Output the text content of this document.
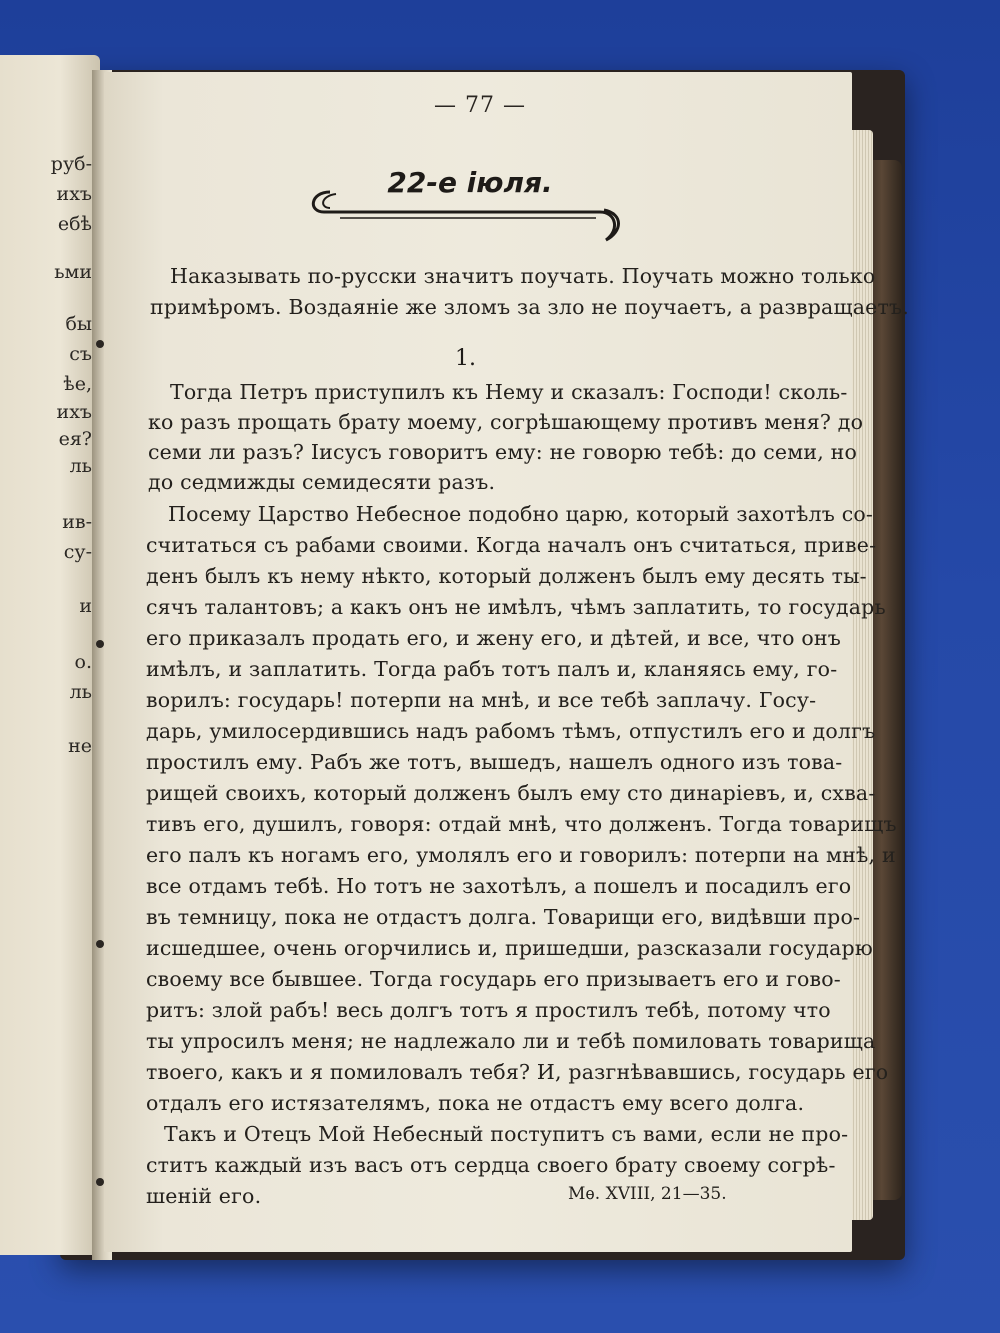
руб-
ихъ
ебѣ
ьми
бы
съ
ѣе,
ихъ
ея?
ль
ив-
су-
и
о.
ль
не
— 77 —
22-е іюля.
Наказывать по-русски значитъ поучать. Поучать можно только
примѣромъ. Воздаяніе же зломъ за зло не поучаетъ, а развращаетъ.
1.
Тогда Петръ приступилъ къ Нему и сказалъ: Господи! сколь-
ко разъ прощать брату моему, согрѣшающему противъ меня? до
семи ли разъ? Іисусъ говоритъ ему: не говорю тебѣ: до семи, но
до седмижды семидесяти разъ.
Посему Царство Небесное подобно царю, который захотѣлъ со-
считаться съ рабами своими. Когда началъ онъ считаться, приве-
денъ былъ къ нему нѣкто, который долженъ былъ ему десять ты-
сячъ талантовъ; а какъ онъ не имѣлъ, чѣмъ заплатить, то государь
его приказалъ продать его, и жену его, и дѣтей, и все, что онъ
имѣлъ, и заплатить. Тогда рабъ тотъ палъ и, кланяясь ему, го-
ворилъ: государь! потерпи на мнѣ, и все тебѣ заплачу. Госу-
дарь, умилосердившись надъ рабомъ тѣмъ, отпустилъ его и долгъ
простилъ ему. Рабъ же тотъ, вышедъ, нашелъ одного изъ това-
рищей своихъ, который долженъ былъ ему сто динаріевъ, и, схва-
тивъ его, душилъ, говоря: отдай мнѣ, что долженъ. Тогда товарищъ
его палъ къ ногамъ его, умолялъ его и говорилъ: потерпи на мнѣ, и
все отдамъ тебѣ. Но тотъ не захотѣлъ, а пошелъ и посадилъ его
въ темницу, пока не отдастъ долга. Товарищи его, видѣвши про-
исшедшее, очень огорчились и, пришедши, разсказали государю
своему все бывшее. Тогда государь его призываетъ его и гово-
ритъ: злой рабъ! весь долгъ тотъ я простилъ тебѣ, потому что
ты упросилъ меня; не надлежало ли и тебѣ помиловать товарища
твоего, какъ и я помиловалъ тебя? И, разгнѣвавшись, государь его
отдалъ его истязателямъ, пока не отдастъ ему всего долга.
Такъ и Отецъ Мой Небесный поступитъ съ вами, если не про-
ститъ каждый изъ васъ отъ сердца своего брату своему согрѣ-
шеній его.	Мѳ. XVIII, 21—35.
